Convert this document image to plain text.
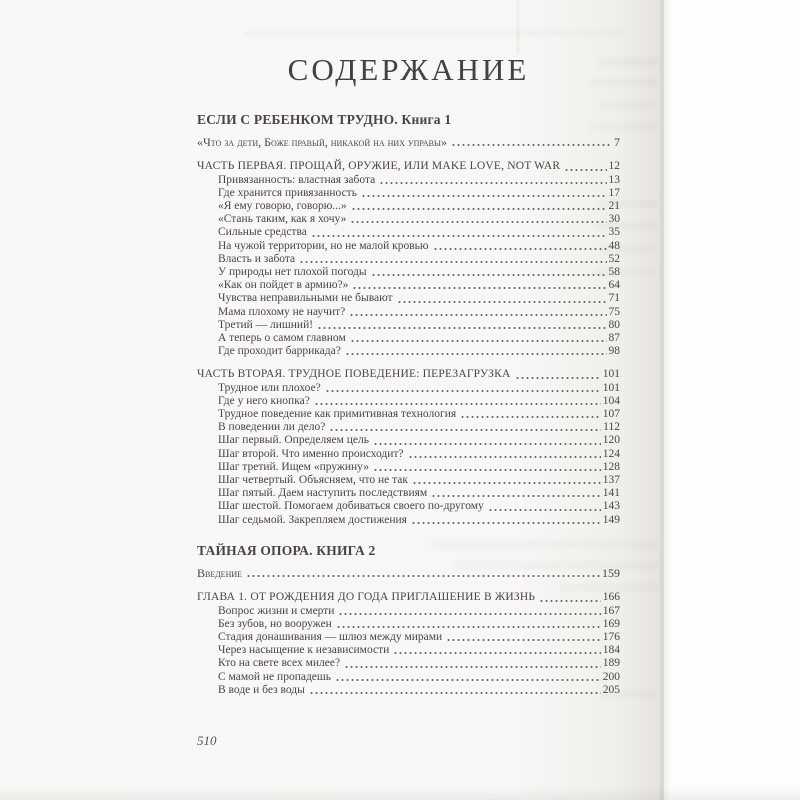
СОДЕРЖАНИЕ
ЕСЛИ С РЕБЕНКОМ ТРУДНО. Книга 1
«Что за дети, Боже правый, никакой на них управы»	7
ЧАСТЬ ПЕРВАЯ. ПРОЩАЙ, ОРУЖИЕ, ИЛИ MAKE LOVE, NOT WAR	12
Привязанность: властная забота	13
Где хранится привязанность	17
«Я ему говорю, говорю...»	21
«Стань таким, как я хочу»	30
Сильные средства	35
На чужой территории, но не малой кровью	48
Власть и забота	52
У природы нет плохой погоды	58
«Как он пойдет в армию?»	64
Чувства неправильными не бывают	71
Мама плохому не научит?	75
Третий — лишний!	80
А теперь о самом главном	87
Где проходит баррикада?	98
ЧАСТЬ ВТОРАЯ. ТРУДНОЕ ПОВЕДЕНИЕ: ПЕРЕЗАГРУЗКА	101
Трудное или плохое?	101
Где у него кнопка?	104
Трудное поведение как примитивная технология	107
В поведении ли дело?	112
Шаг первый. Определяем цель	120
Шаг второй. Что именно происходит?	124
Шаг третий. Ищем «пружину»	128
Шаг четвертый. Объясняем, что не так	137
Шаг пятый. Даем наступить последствиям	141
Шаг шестой. Помогаем добиваться своего по-другому	143
Шаг седьмой. Закрепляем достижения	149
ТАЙНАЯ ОПОРА. КНИГА 2
Введение	159
ГЛАВА 1. ОТ РОЖДЕНИЯ ДО ГОДА ПРИГЛАШЕНИЕ В ЖИЗНЬ	166
Вопрос жизни и смерти	167
Без зубов, но вооружен	169
Стадия донашивания — шлюз между мирами	176
Через насыщение к независимости	184
Кто на свете всех милее?	189
С мамой не пропадешь	200
В воде и без воды	205
510
